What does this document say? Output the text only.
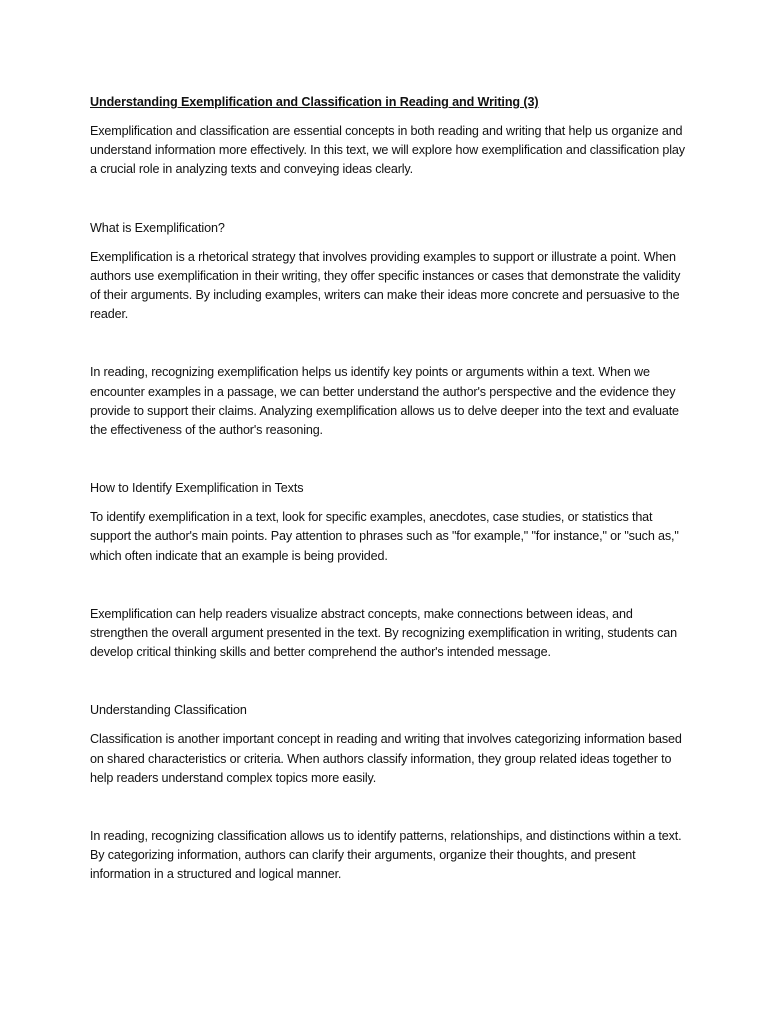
Understanding Exemplification and Classification in Reading and Writing (3)

Exemplification and classification are essential concepts in both reading and writing that help us organize and understand information more effectively. In this text, we will explore how exemplification and classification play a crucial role in analyzing texts and conveying ideas clearly.

What is Exemplification?

Exemplification is a rhetorical strategy that involves providing examples to support or illustrate a point. When authors use exemplification in their writing, they offer specific instances or cases that demonstrate the validity of their arguments. By including examples, writers can make their ideas more concrete and persuasive to the reader.

In reading, recognizing exemplification helps us identify key points or arguments within a text. When we encounter examples in a passage, we can better understand the author's perspective and the evidence they provide to support their claims. Analyzing exemplification allows us to delve deeper into the text and evaluate the effectiveness of the author's reasoning.

How to Identify Exemplification in Texts

To identify exemplification in a text, look for specific examples, anecdotes, case studies, or statistics that support the author's main points. Pay attention to phrases such as "for example," "for instance," or "such as," which often indicate that an example is being provided.

Exemplification can help readers visualize abstract concepts, make connections between ideas, and strengthen the overall argument presented in the text. By recognizing exemplification in writing, students can develop critical thinking skills and better comprehend the author's intended message.

Understanding Classification

Classification is another important concept in reading and writing that involves categorizing information based on shared characteristics or criteria. When authors classify information, they group related ideas together to help readers understand complex topics more easily.

In reading, recognizing classification allows us to identify patterns, relationships, and distinctions within a text. By categorizing information, authors can clarify their arguments, organize their thoughts, and present information in a structured and logical manner.
